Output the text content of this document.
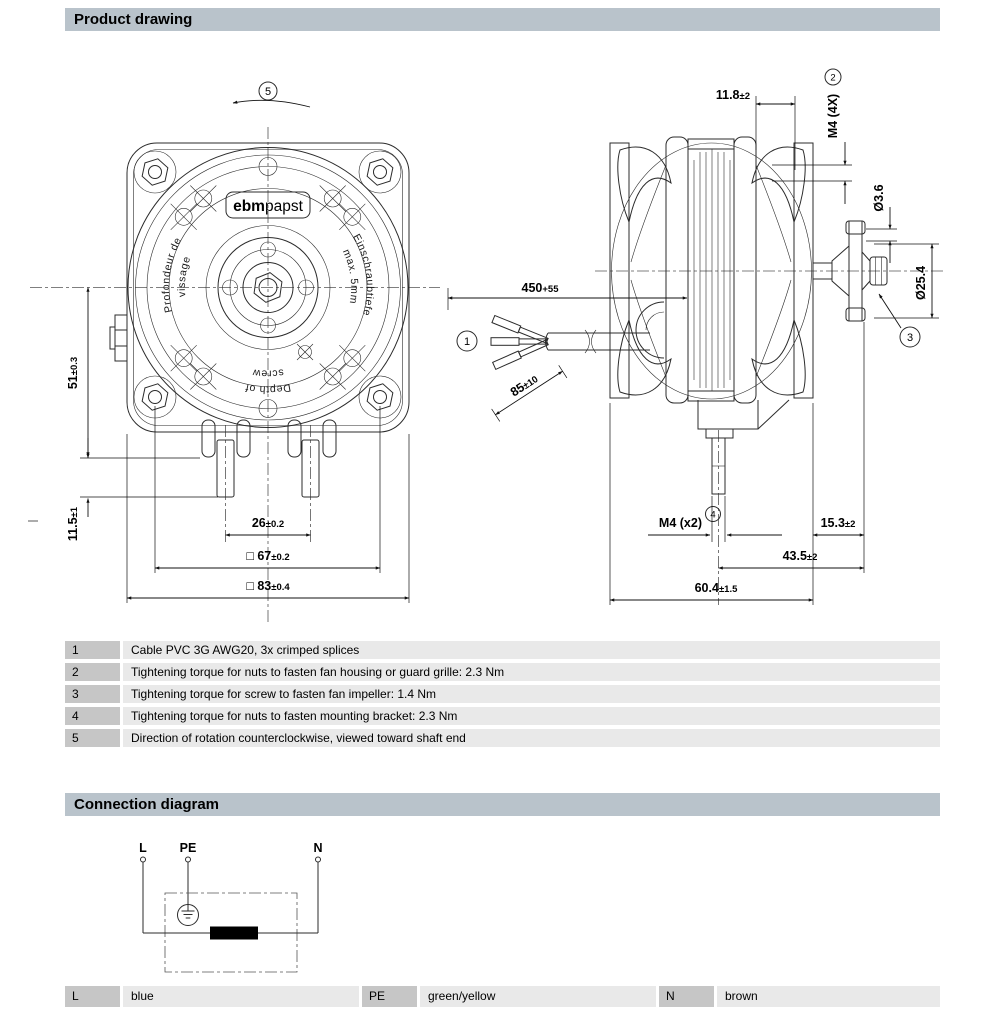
Product drawing
Profondeur de
vissage
Einschraubtiefe
max. 5mm
Depth of
screw
ebmpapst
5
51±0.3
11.5±1
26±0.2
□ 67±0.2
□ 83±0.4
1	3
450+55
85±10
11.8±2
2
M4 (4X)
Ø3.6
Ø25.4
M4 (x2)
4
15.3±2
43.5±2
60.4±1.5
L	PE	N
1	Cable PVC 3G AWG20, 3x crimped splices
2	Tightening torque for nuts to fasten fan housing or guard grille: 2.3 Nm
3	Tightening torque for screw to fasten fan impeller: 1.4 Nm
4	Tightening torque for nuts to fasten mounting bracket: 2.3 Nm
5	Direction of rotation counterclockwise, viewed toward shaft end
Connection diagram
L	blue	PE	green/yellow	N	brown
